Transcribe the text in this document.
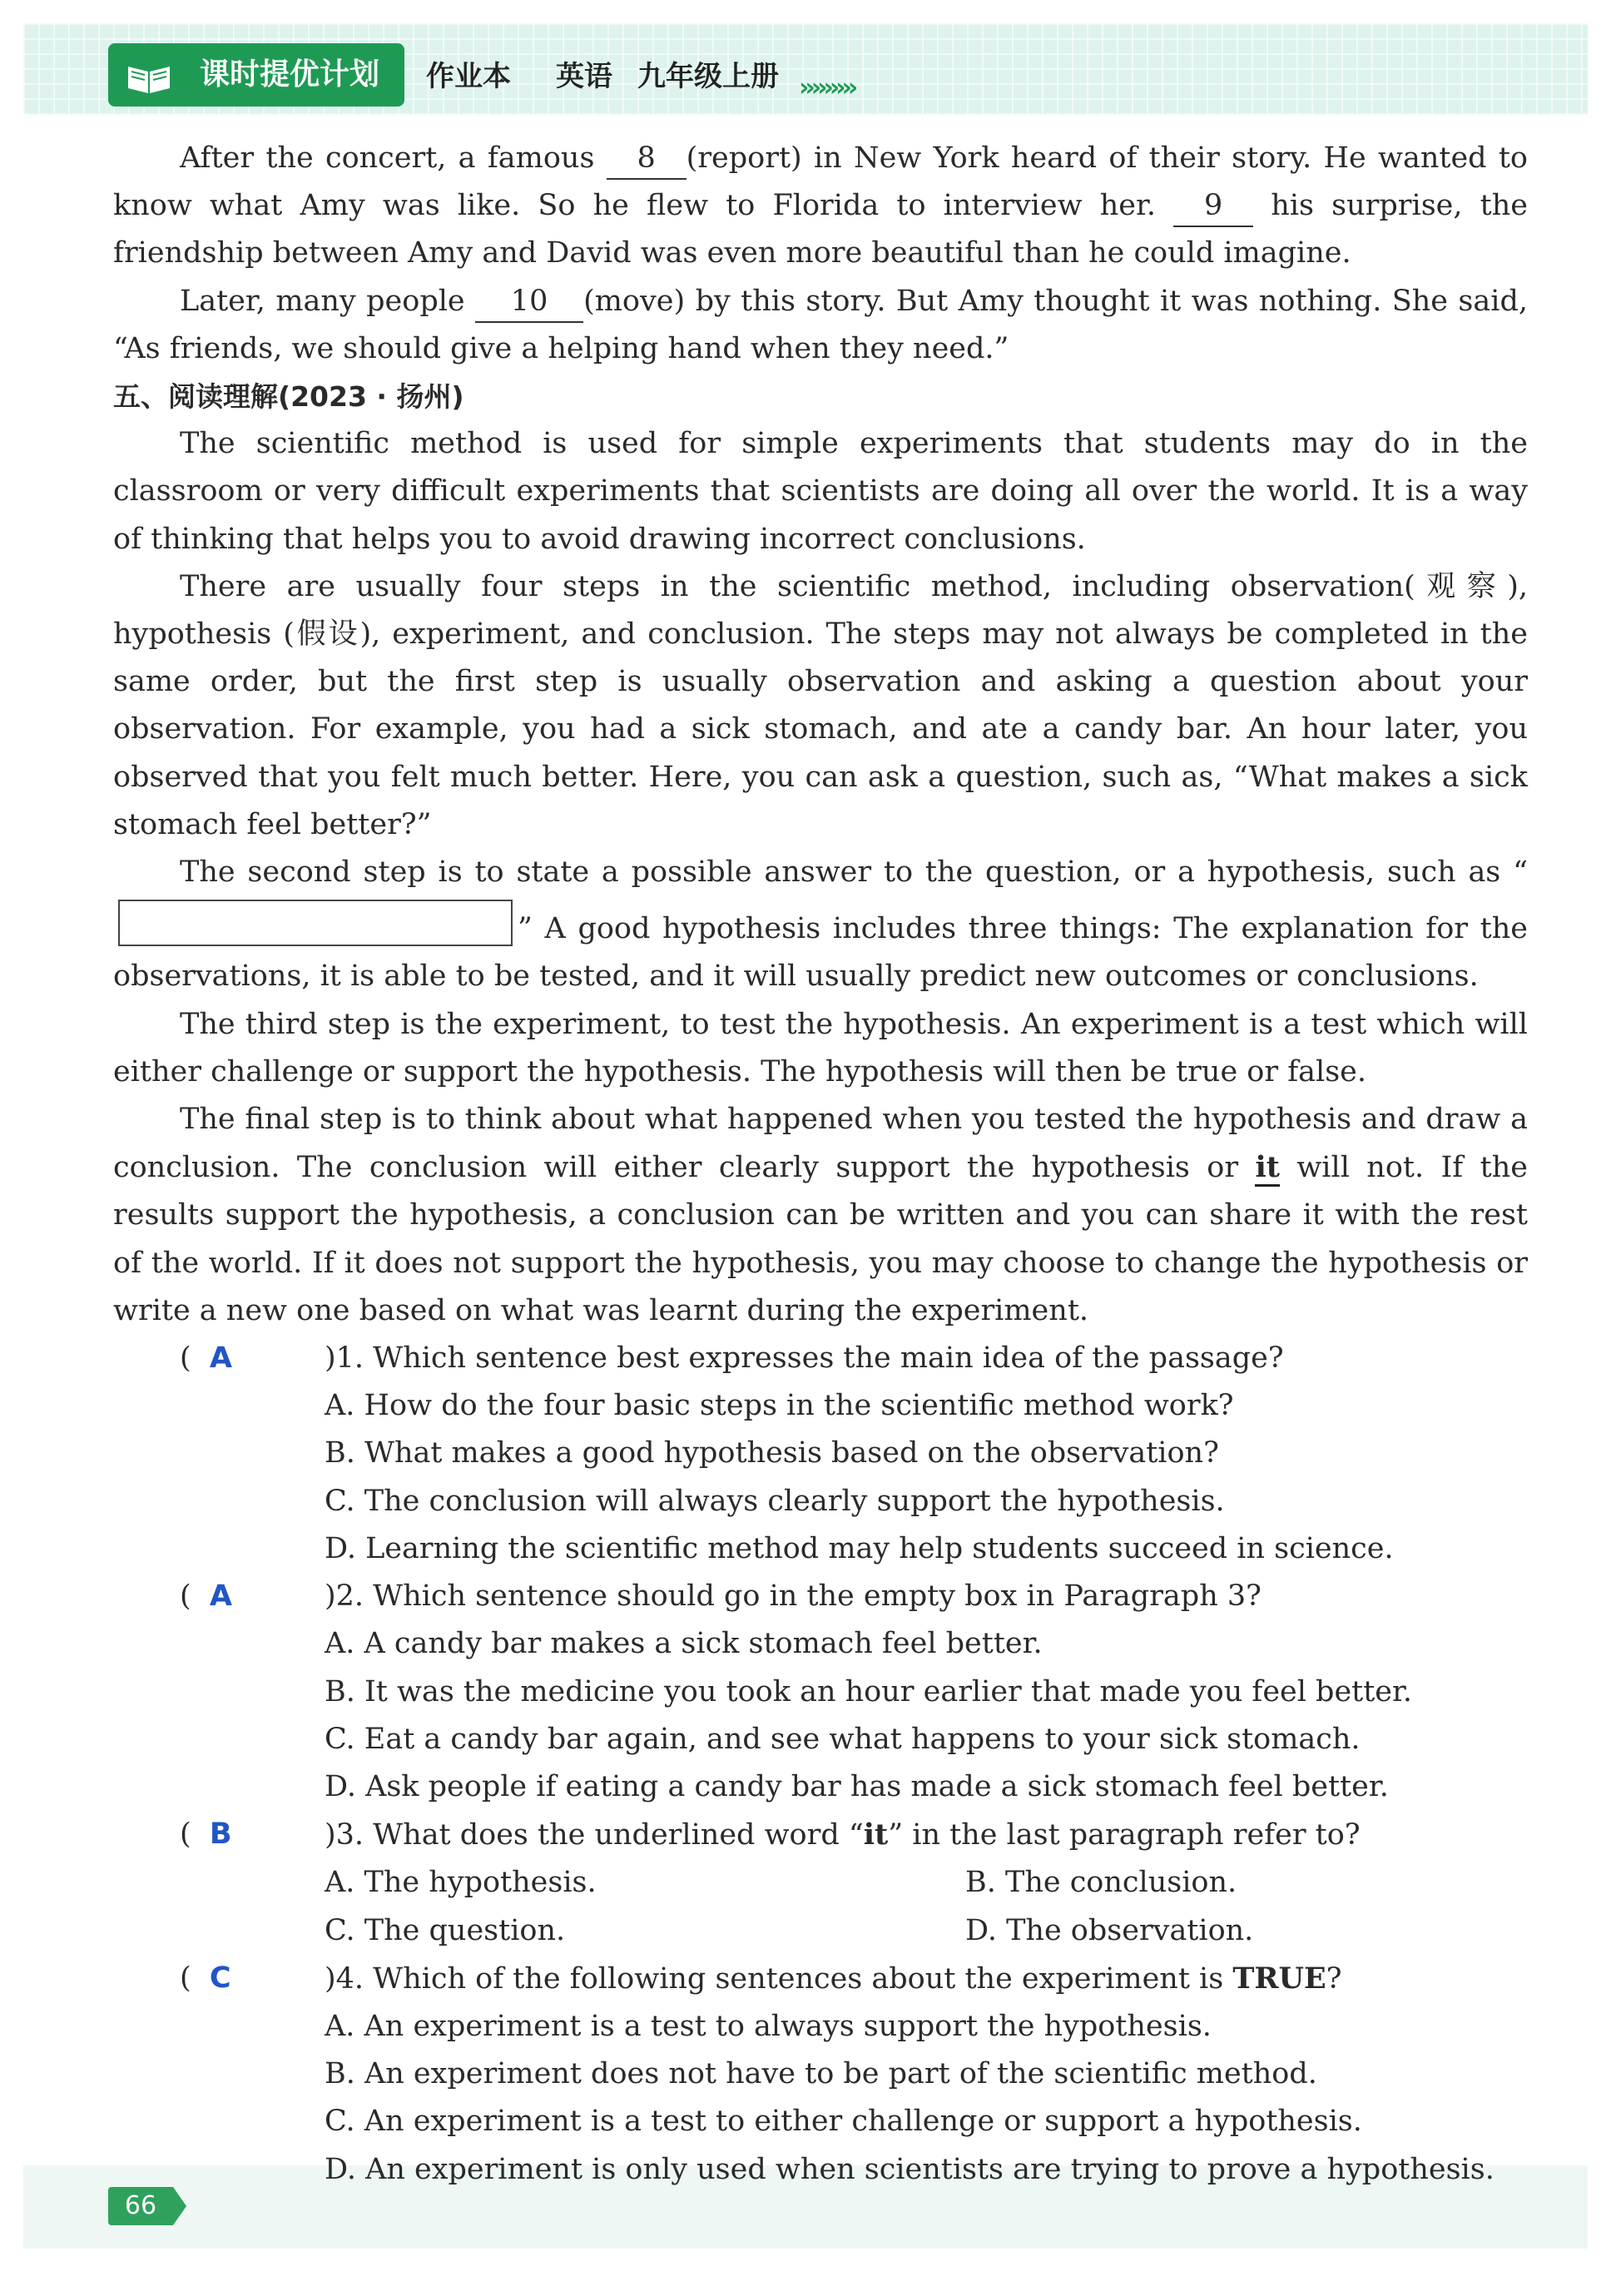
课时提优计划	作业本 英语 九年级上册 ›››››››››

After the concert, a famous 8 (report) in New York heard of their story. He wanted to know what Amy was like. So he flew to Florida to interview her. 9 his surprise, the friendship between Amy and David was even more beautiful than he could imagine.

Later, many people 10 (move) by this story. But Amy thought it was nothing. She said, “As friends, we should give a helping hand when they need.”

五、阅读理解(2023 · 扬州)

The scientific method is used for simple experiments that students may do in the classroom or very difficult experiments that scientists are doing all over the world. It is a way of thinking that helps you to avoid drawing incorrect conclusions.

There are usually four steps in the scientific method, including observation(观察), hypothesis (假设), experiment, and conclusion. The steps may not always be completed in the same order, but the first step is usually observation and asking a question about your observation. For example, you had a sick stomach, and ate a candy bar. An hour later, you observed that you felt much better. Here, you can ask a question, such as, “What makes a sick stomach feel better?”

The second step is to state a possible answer to the question, or a hypothesis, such as “” A good hypothesis includes three things: The explanation for the observations, it is able to be tested, and it will usually predict new outcomes or conclusions.

The third step is the experiment, to test the hypothesis. An experiment is a test which will either challenge or support the hypothesis. The hypothesis will then be true or false.

The final step is to think about what happened when you tested the hypothesis and draw a conclusion. The conclusion will either clearly support the hypothesis or it will not. If the results support the hypothesis, a conclusion can be written and you can share it with the rest of the world. If it does not support the hypothesis, you may choose to change the hypothesis or write a new one based on what was learnt during the experiment.

(  A	)1. Which sentence best expresses the main idea of the passage?
A. How do the four basic steps in the scientific method work?
B. What makes a good hypothesis based on the observation?
C. The conclusion will always clearly support the hypothesis.
D. Learning the scientific method may help students succeed in science.
(  A	)2. Which sentence should go in the empty box in Paragraph 3?
A. A candy bar makes a sick stomach feel better.
B. It was the medicine you took an hour earlier that made you feel better.
C. Eat a candy bar again, and see what happens to your sick stomach.
D. Ask people if eating a candy bar has made a sick stomach feel better.
(  B	)3. What does the underlined word “it” in the last paragraph refer to?
A. The hypothesis.	B. The conclusion.
C. The question.	D. The observation.
(  C	)4. Which of the following sentences about the experiment is TRUE?
A. An experiment is a test to always support the hypothesis.
B. An experiment does not have to be part of the scientific method.
C. An experiment is a test to either challenge or support a hypothesis.
D. An experiment is only used when scientists are trying to prove a hypothesis.
66
